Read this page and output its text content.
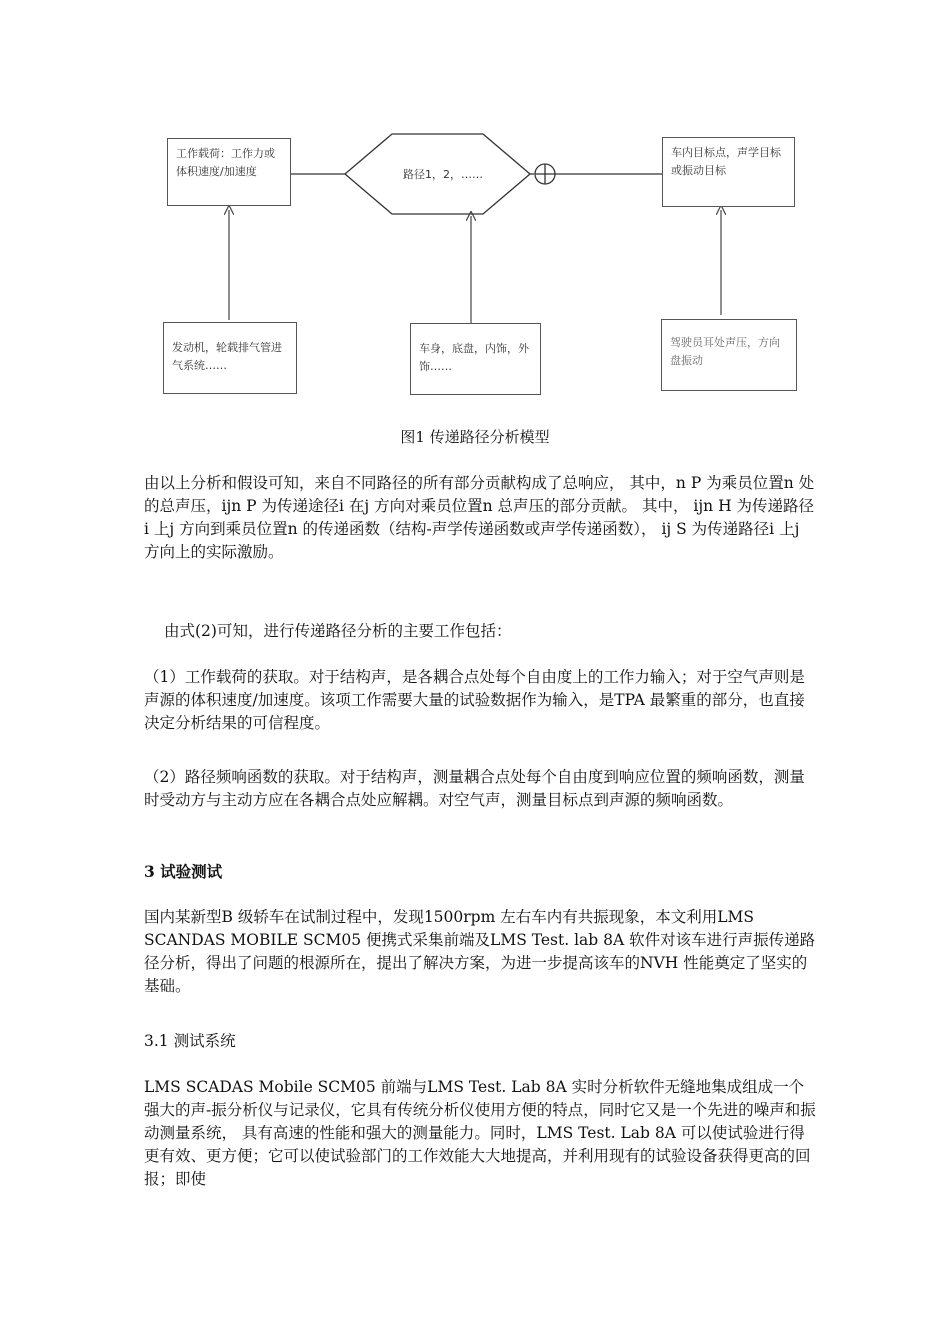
工作载荷：工作力或体积速度/加速度	路径1，2，……
车内目标点，声学目标或振动目标
发动机，轮载排气管进气系统……
车身，底盘，内饰，外饰……
驾驶员耳处声压，方向盘振动
图1 传递路径分析模型

由以上分析和假设可知，来自不同路径的所有部分贡献构成了总响应， 其中，n P 为乘员位置n 处的总声压，ijn P 为传递途径i 在j 方向对乘员位置n 总声压的部分贡献。 其中， ijn H 为传递路径i 上j 方向到乘员位置n 的传递函数（结构-声学传递函数或声学传递函数）， ij S 为传递路径i 上j 方向上的实际激励。

由式(2)可知，进行传递路径分析的主要工作包括：

（1）工作载荷的获取。对于结构声，是各耦合点处每个自由度上的工作力输入；对于空气声则是声源的体积速度/加速度。该项工作需要大量的试验数据作为输入，是TPA 最繁重的部分，也直接决定分析结果的可信程度。

（2）路径频响函数的获取。对于结构声，测量耦合点处每个自由度到响应位置的频响函数，测量时受动方与主动方应在各耦合点处应解耦。对空气声，测量目标点到声源的频响函数。

3 试验测试

国内某新型B 级轿车在试制过程中，发现1500rpm 左右车内有共振现象，本文利用LMS SCANDAS MOBILE SCM05 便携式采集前端及LMS Test. lab 8A 软件对该车进行声振传递路径分析，得出了问题的根源所在，提出了解决方案，为进一步提高该车的NVH 性能奠定了坚实的基础。

3.1 测试系统

LMS SCADAS Mobile SCM05 前端与LMS Test. Lab 8A 实时分析软件无缝地集成组成一个强大的声-振分析仪与记录仪，它具有传统分析仪使用方便的特点，同时它又是一个先进的噪声和振动测量系统， 具有高速的性能和强大的测量能力。同时，LMS Test. Lab 8A 可以使试验进行得更有效、更方便；它可以使试验部门的工作效能大大地提高，并利用现有的试验设备获得更高的回报；即使
